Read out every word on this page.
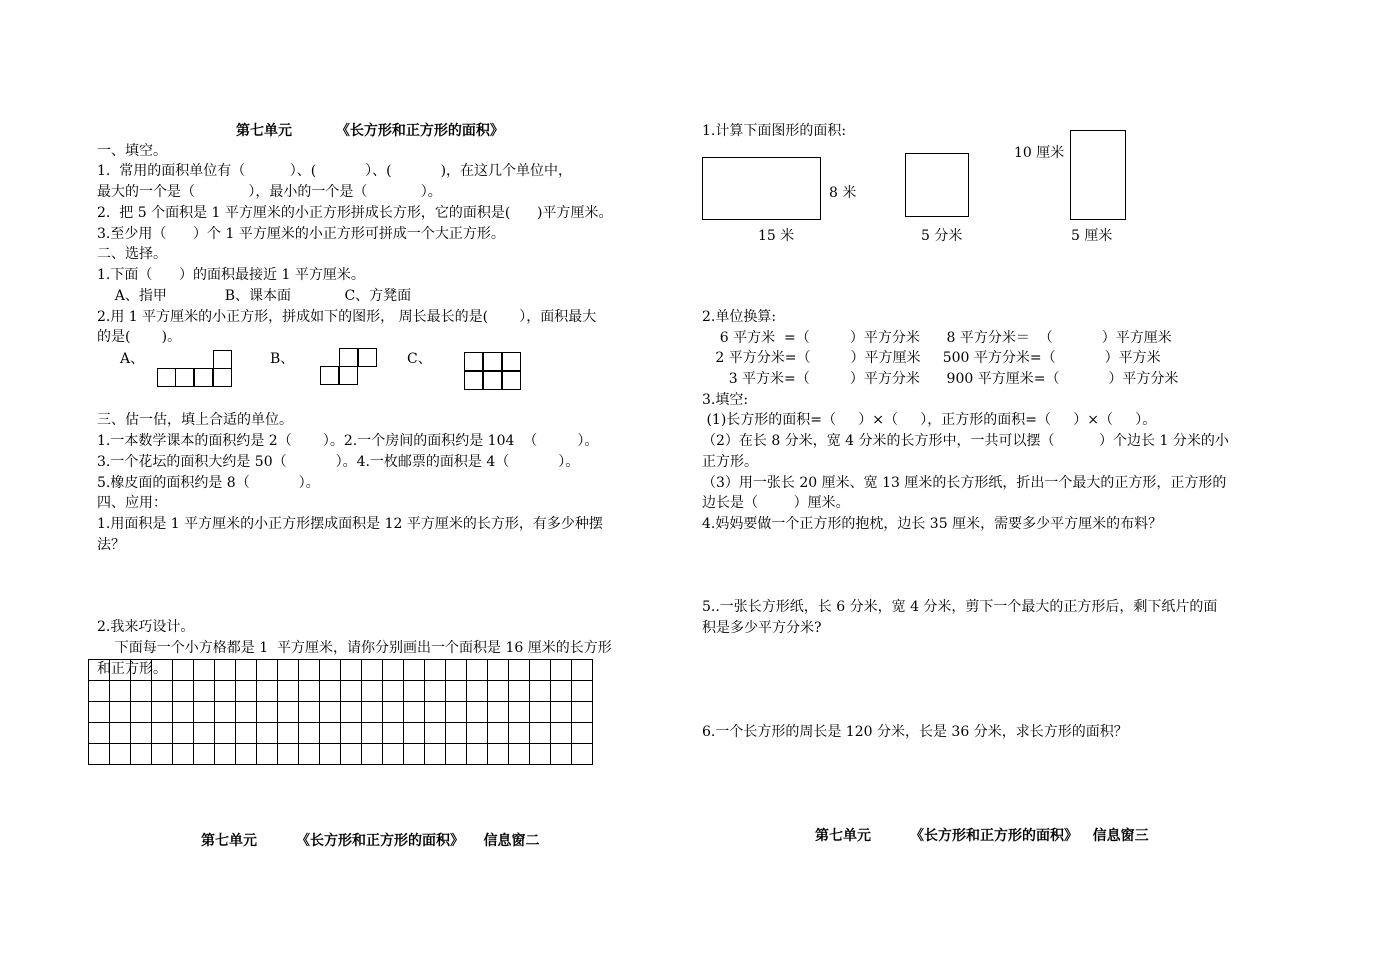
第七单元         《长方形和正方形的面积》
一、填空。
1.  常用的面积单位有（          ）、(           ）、(           )，在这几个单位中，
最大的一个是（            ），最小的一个是（            ）。
2.  把 5 个面积是 1 平方厘米的小正方形拼成长方形，它的面积是(      )平方厘米。
3.至少用（      ）个 1 平方厘米的小正方形可拼成一个大正方形。
二、选择。
1.下面（      ）的面积最接近 1 平方厘米。
A、指甲             B、课本面            C、方凳面
2.用 1 平方厘米的小正方形，拼成如下的图形， 周长最长的是(       ），面积最大
的是(       )。
A、	B、	C、
三、估一估，填上合适的单位。
1.一本数学课本的面积约是 2（       ）。2.一个房间的面积约是 104  （         ）。
3.一个花坛的面积大约是 50（           ）。4.一枚邮票的面积是 4（           ）。
5.橡皮面的面积约是 8（           ）。
四、应用：
1.用面积是 1 平方厘米的小正方形摆成面积是 12 平方厘米的长方形，有多少种摆
法？
2.我来巧设计。
下面每一个小方格都是 1  平方厘米，请你分别画出一个面积是 16 厘米的长方形
和正方形。

第七单元        《长方形和正方形的面积》    信息窗二
1.计算下面图形的面积:
8 米
15 米	5 分米
10 厘米
5 厘米
2.单位换算:
6 平方米  =（         ）平方分米      8 平方分米＝  （           ）平方厘米
2 平方分米=（         ）平方厘米     500 平方分米=（           ）平方米
3 平方米=（         ）平方分米      900 平方厘米=（           ）平方分米
3.填空:
(1)长方形的面积=（     ）×（     ），正方形的面积=（     ）×（     ）。
（2）在长 8 分米，宽 4 分米的长方形中，一共可以摆（          ）个边长 1 分米的小
正方形。
（3）用一张长 20 厘米、宽 13 厘米的长方形纸，折出一个最大的正方形，正方形的
边长是（        ）厘米。
4.妈妈要做一个正方形的抱枕，边长 35 厘米，需要多少平方厘米的布料？
5..一张长方形纸，长 6 分米，宽 4 分米，剪下一个最大的正方形后，剩下纸片的面
积是多少平方分米?
6.一个长方形的周长是 120 分米，长是 36 分米，求长方形的面积？
第七单元        《长方形和正方形的面积》   信息窗三
